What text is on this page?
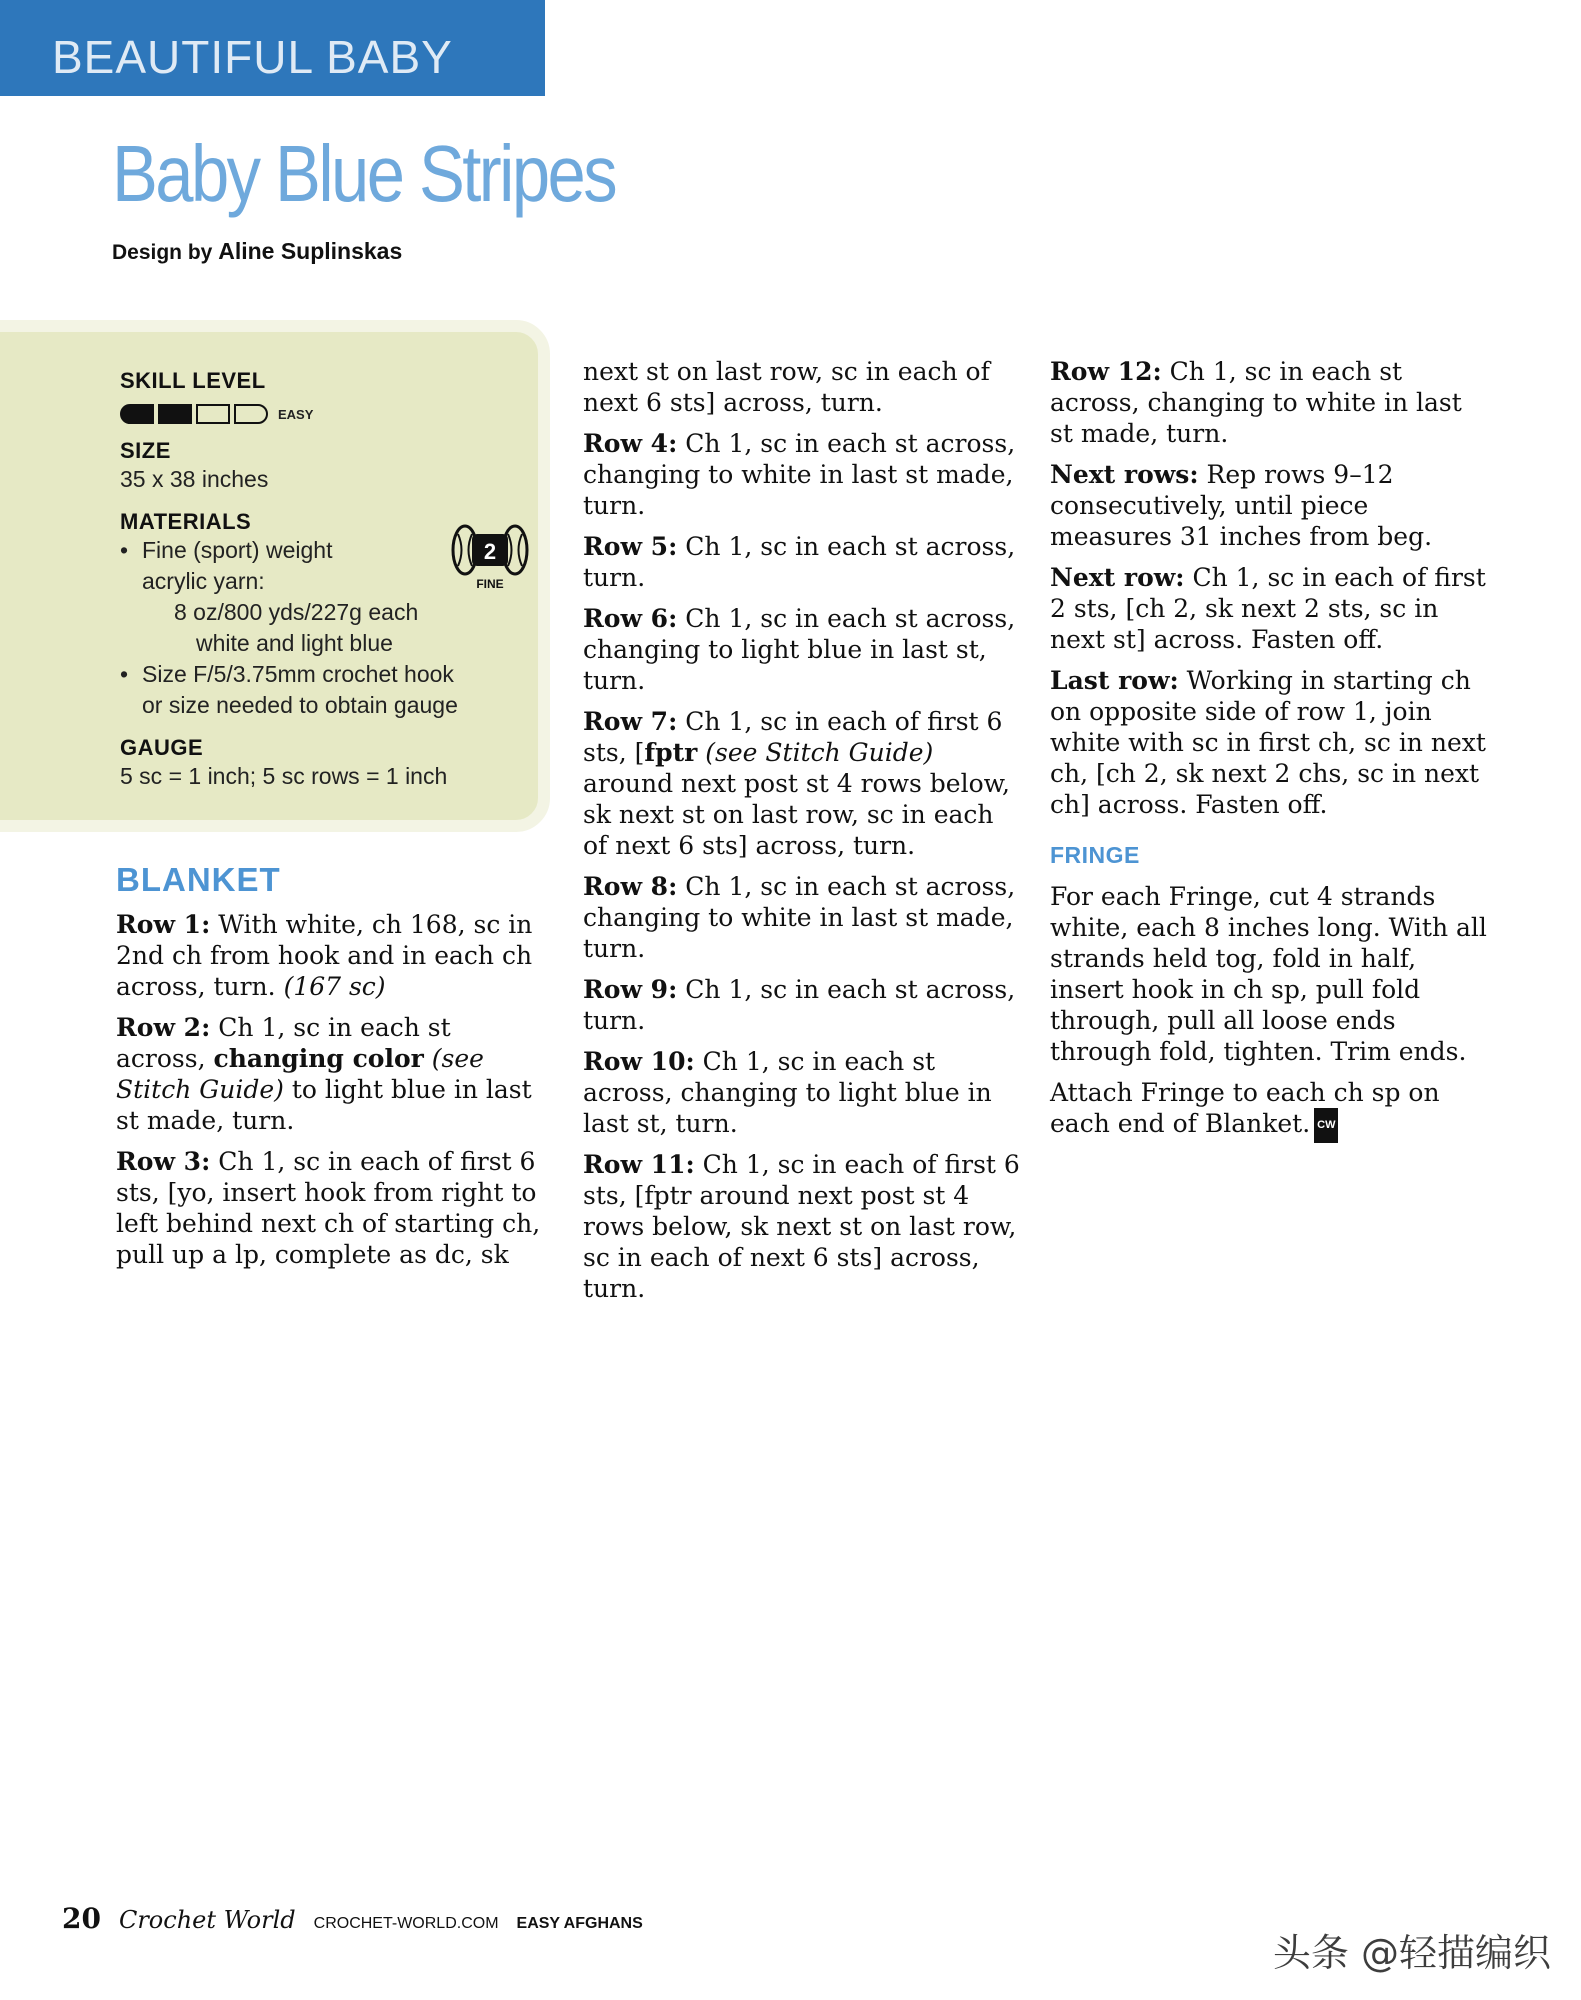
BEAUTIFUL BABY
Baby Blue Stripes
Design by Aline Suplinskas
SKILL LEVEL
EASY
SIZE
35 x 38 inches
MATERIALS
• Fine (sport) weight
acrylic yarn:
8 oz/800 yds/227g each
white and light blue
• Size F/5/3.75mm crochet hook
or size needed to obtain gauge
GAUGE
5 sc = 1 inch; 5 sc rows = 1 inch
2
FINE
BLANKET

Row 1: With white, ch 168, sc in 2nd ch from hook and in each ch across, turn. (167 sc)

Row 2: Ch 1, sc in each st across, changing color (see Stitch Guide) to light blue in last st made, turn.

Row 3: Ch 1, sc in each of first 6 sts, [yo, insert hook from right to left behind next ch of starting ch, pull up a lp, complete as dc, sk

next st on last row, sc in each of next 6 sts] across, turn.

Row 4: Ch 1, sc in each st across, changing to white in last st made, turn.

Row 5: Ch 1, sc in each st across, turn.

Row 6: Ch 1, sc in each st across, changing to light blue in last st, turn.

Row 7: Ch 1, sc in each of first 6 sts, [fptr (see Stitch Guide) around next post st 4 rows below, sk next st on last row, sc in each of next 6 sts] across, turn.

Row 8: Ch 1, sc in each st across, changing to white in last st made, turn.

Row 9: Ch 1, sc in each st across, turn.

Row 10: Ch 1, sc in each st across, changing to light blue in last st, turn.

Row 11: Ch 1, sc in each of first 6 sts, [fptr around next post st 4 rows below, sk next st on last row, sc in each of next 6 sts] across, turn.

Row 12: Ch 1, sc in each st across, changing to white in last st made, turn.

Next rows: Rep rows 9–12 consecutively, until piece measures 31 inches from beg.

Next row: Ch 1, sc in each of first 2 sts, [ch 2, sk next 2 sts, sc in next st] across. Fasten off.

Last row: Working in starting ch on opposite side of row 1, join white with sc in first ch, sc in next ch, [ch 2, sk next 2 chs, sc in next ch] across. Fasten off.

FRINGE

For each Fringe, cut 4 strands white, each 8 inches long. With all strands held tog, fold in half, insert hook in ch sp, pull fold through, pull all loose ends through fold, tighten. Trim ends.

Attach Fringe to each ch sp on each end of Blanket. CW

20 Crochet World CROCHET-WORLD.COM EASY AFGHANS
头条 @轻描编织
